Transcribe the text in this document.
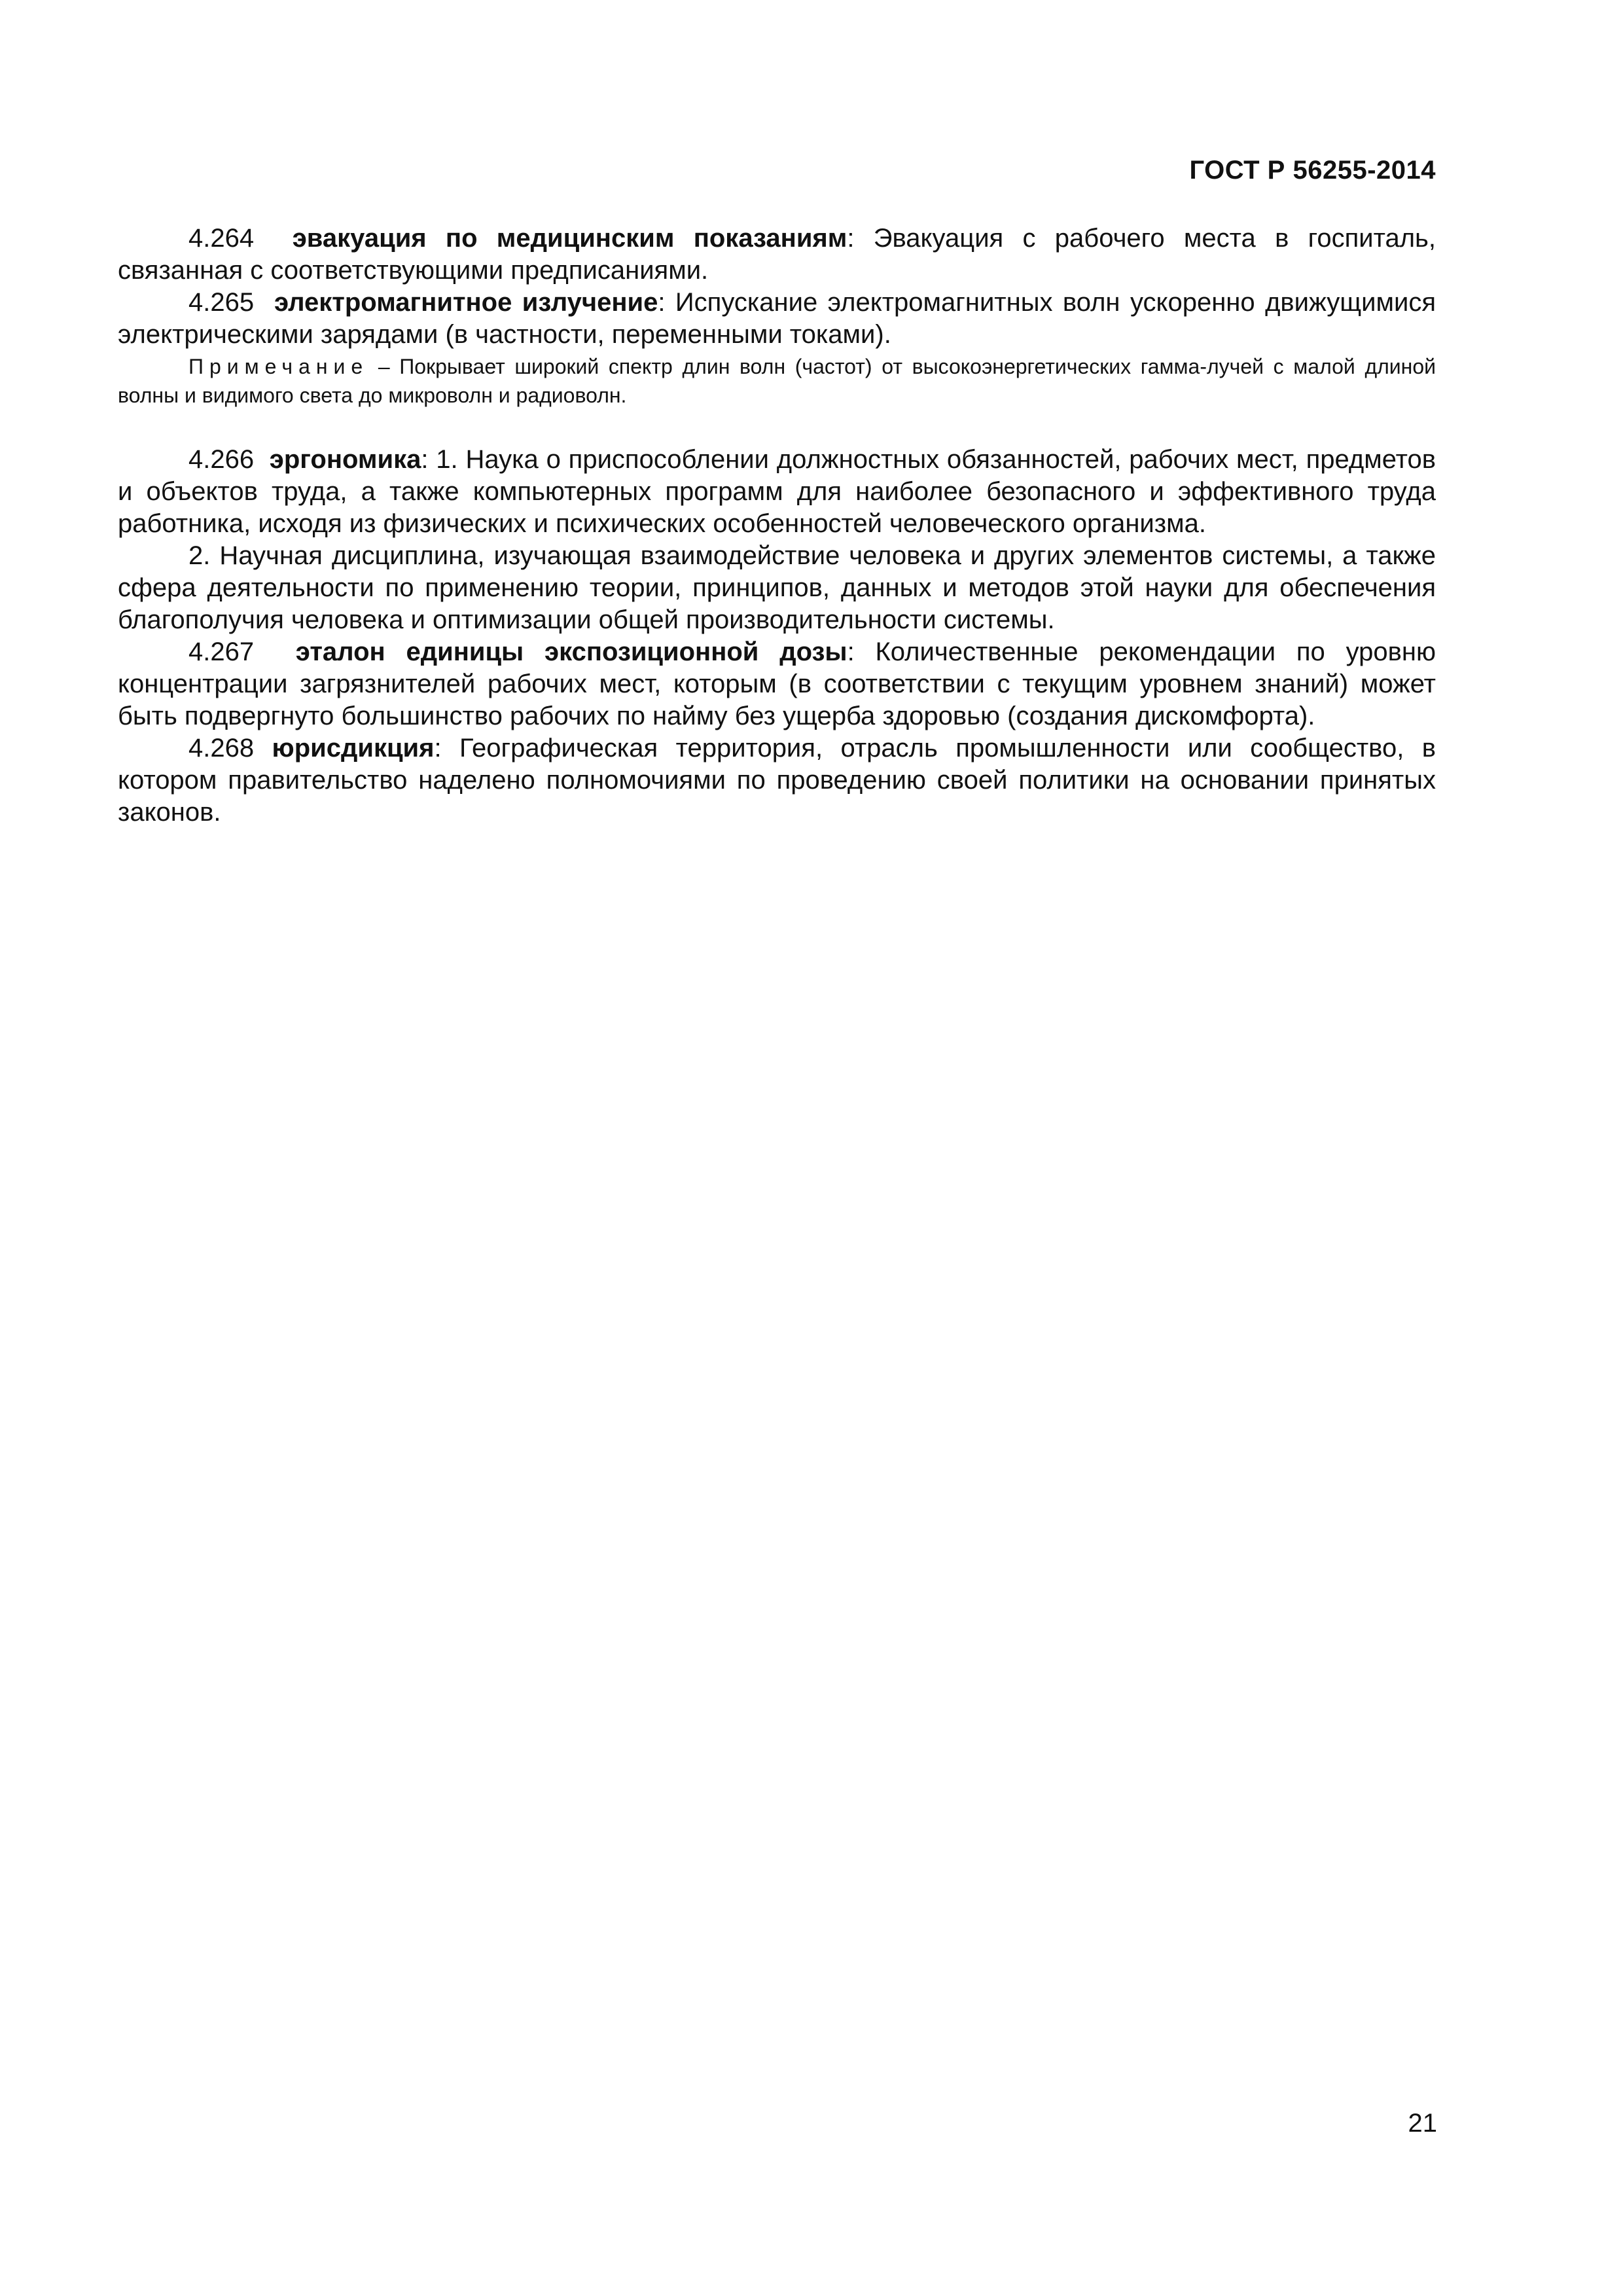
ГОСТ Р 56255-2014

4.264 эвакуация по медицинским показаниям: Эвакуация с рабочего места в госпиталь, связанная с соответствующими предписаниями.

4.265 электромагнитное излучение: Испускание электромагнитных волн ускоренно движущимися электрическими зарядами (в частности, переменными токами).

Примечание – Покрывает широкий спектр длин волн (частот) от высокоэнергетических гамма-лучей с малой длиной волны и видимого света до микроволн и радиоволн.

4.266 эргономика: 1. Наука о приспособлении должностных обязанностей, рабочих мест, предметов и объектов труда, а также компьютерных программ для наиболее безопасного и эффективного труда работника, исходя из физических и психических особенностей человеческого организма.

2. Научная дисциплина, изучающая взаимодействие человека и других элементов системы, а также сфера деятельности по применению теории, принципов, данных и методов этой науки для обеспечения благополучия человека и оптимизации общей производительности системы.

4.267 эталон единицы экспозиционной дозы: Количественные рекомендации по уровню концентрации загрязнителей рабочих мест, которым (в соответствии с текущим уровнем знаний) может быть подвергнуто большинство рабочих по найму без ущерба здоровью (создания дискомфорта).

4.268 юрисдикция: Географическая территория, отрасль промышленности или сообщество, в котором правительство наделено полномочиями по проведению своей политики на основании принятых законов.

21
